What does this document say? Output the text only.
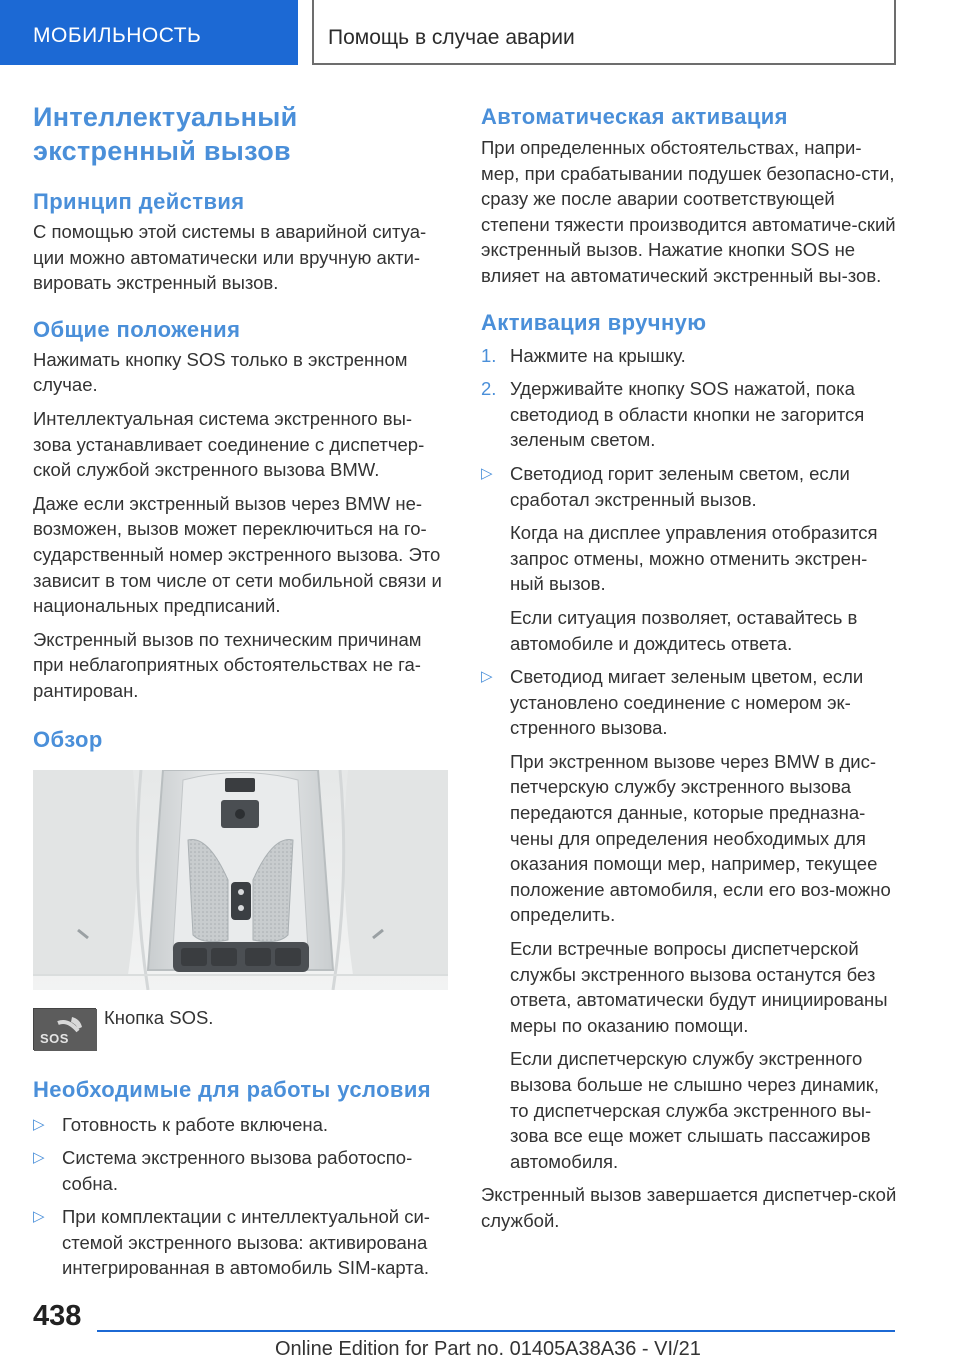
МОБИЛЬНОСТЬ	Помощь в случае аварии
Интеллектуальный экстренный вызов
Принцип действия

С помощью этой системы в аварийной ситуа-ции можно автоматически или вручную акти-вировать экстренный вызов.

Общие положения

Нажимать кнопку SOS только в экстренном случае.

Интеллектуальная система экстренного вы-зова устанавливает соединение с диспетчер-ской службой экстренного вызова BMW.

Даже если экстренный вызов через BMW не-возможен, вызов может переключиться на го-сударственный номер экстренного вызова. Это зависит в том числе от сети мобильной связи и национальных предписаний.

Экстренный вызов по техническим причинам при неблагоприятных обстоятельствах не га-рантирован.

Обзор
SOS

Кнопка SOS.

Необходимые для работы условия
▷ Готовность к работе включена.
▷ Система экстренного вызова работоспо-собна.
▷ При комплектации с интеллектуальной си-стемой экстренного вызова: активирована интегрированная в автомобиль SIM-карта.
Автоматическая активация

При определенных обстоятельствах, напри-мер, при срабатывании подушек безопасно-сти, сразу же после аварии соответствующей степени тяжести производится автоматиче-ский экстренный вызов. Нажатие кнопки SOS не влияет на автоматический экстренный вы-зов.

Активация вручную
1. Нажмите на крышку.
2. Удерживайте кнопку SOS нажатой, пока светодиод в области кнопки не загорится зеленым светом.
▷ Светодиод горит зеленым светом, если сработал экстренный вызов.

Когда на дисплее управления отобразится запрос отмены, можно отменить экстрен-ный вызов.

Если ситуация позволяет, оставайтесь в автомобиле и дождитесь ответа.

▷ Светодиод мигает зеленым цветом, если установлено соединение с номером эк-стренного вызова.

При экстренном вызове через BMW в дис-петчерскую службу экстренного вызова передаются данные, которые предназна-чены для определения необходимых для оказания помощи мер, например, текущее положение автомобиля, если его воз-можно определить.

Если встречные вопросы диспетчерской службы экстренного вызова останутся без ответа, автоматически будут инициированы меры по оказанию помощи.

Если диспетчерскую службу экстренного вызова больше не слышно через динамик, то диспетчерская служба экстренного вы-зова все еще может слышать пассажиров автомобиля.

Экстренный вызов завершается диспетчер-ской службой.

438
Online Edition for Part no. 01405A38A36 - VI/21
